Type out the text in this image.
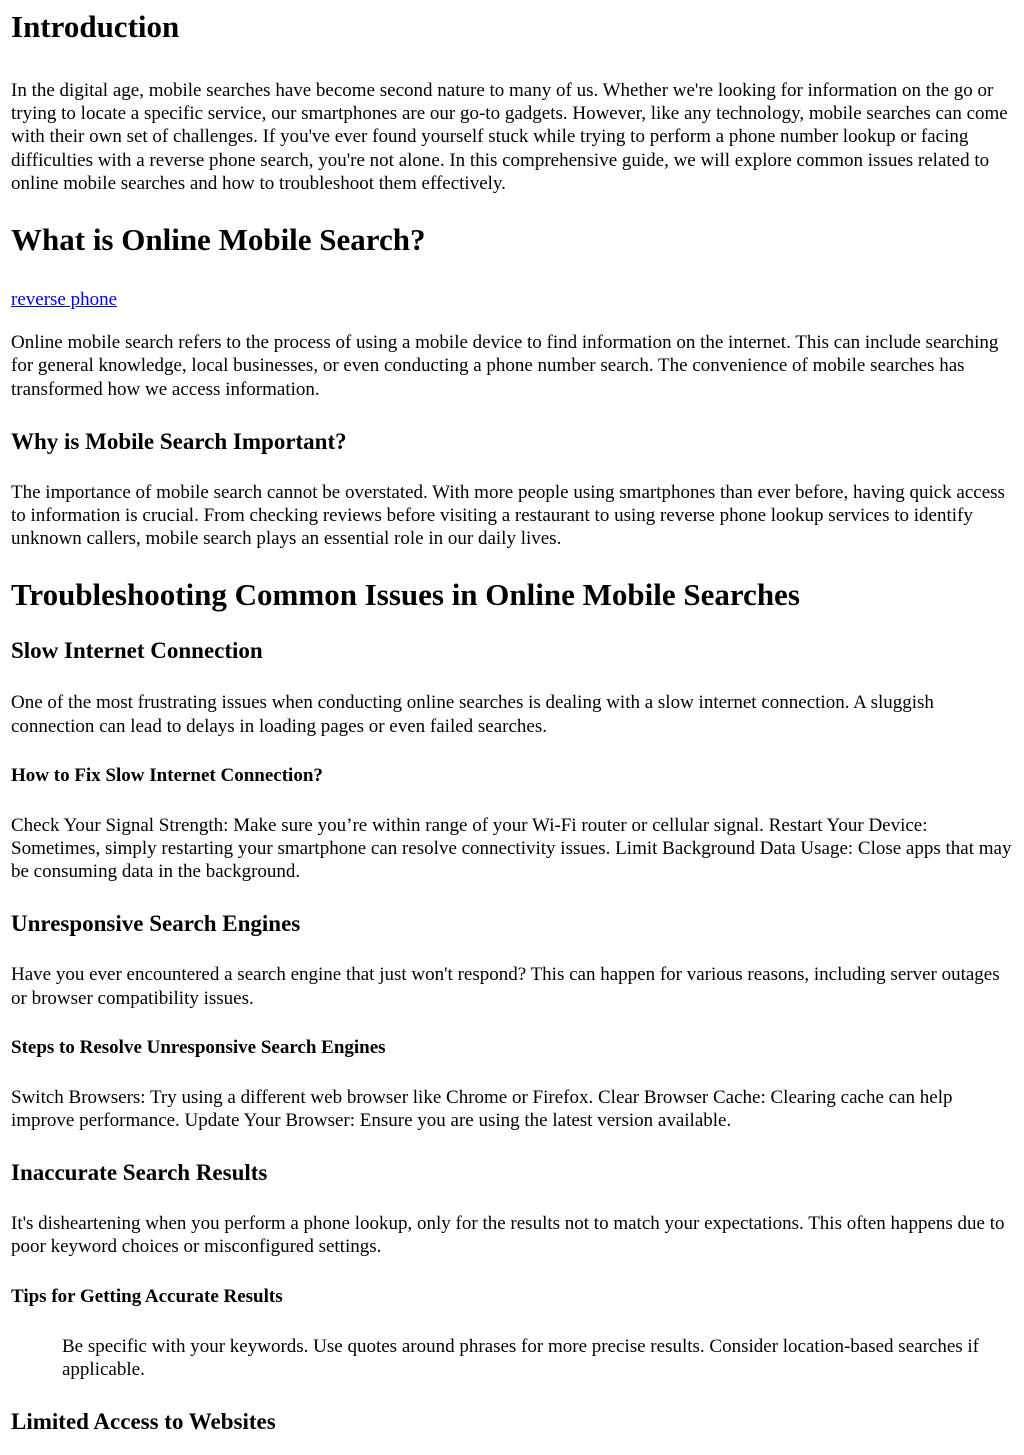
Introduction

In the digital age, mobile searches have become second nature to many of us. Whether we're looking for information on the go or trying to locate a specific service, our smartphones are our go-to gadgets. However, like any technology, mobile searches can come with their own set of challenges. If you've ever found yourself stuck while trying to perform a phone number lookup or facing difficulties with a reverse phone search, you're not alone. In this comprehensive guide, we will explore common issues related to online mobile searches and how to troubleshoot them effectively.

What is Online Mobile Search?
reverse phone

Online mobile search refers to the process of using a mobile device to find information on the internet. This can include searching for general knowledge, local businesses, or even conducting a phone number search. The convenience of mobile searches has transformed how we access information.

Why is Mobile Search Important?

The importance of mobile search cannot be overstated. With more people using smartphones than ever before, having quick access to information is crucial. From checking reviews before visiting a restaurant to using reverse phone lookup services to identify unknown callers, mobile search plays an essential role in our daily lives.

Troubleshooting Common Issues in Online Mobile Searches
Slow Internet Connection

One of the most frustrating issues when conducting online searches is dealing with a slow internet connection. A sluggish connection can lead to delays in loading pages or even failed searches.

How to Fix Slow Internet Connection?

Check Your Signal Strength: Make sure you’re within range of your Wi-Fi router or cellular signal. Restart Your Device: Sometimes, simply restarting your smartphone can resolve connectivity issues. Limit Background Data Usage: Close apps that may be consuming data in the background.

Unresponsive Search Engines

Have you ever encountered a search engine that just won't respond? This can happen for various reasons, including server outages or browser compatibility issues.

Steps to Resolve Unresponsive Search Engines

Switch Browsers: Try using a different web browser like Chrome or Firefox. Clear Browser Cache: Clearing cache can help improve performance. Update Your Browser: Ensure you are using the latest version available.

Inaccurate Search Results

It's disheartening when you perform a phone lookup, only for the results not to match your expectations. This often happens due to poor keyword choices or misconfigured settings.

Tips for Getting Accurate Results
Be specific with your keywords. Use quotes around phrases for more precise results. Consider location-based searches if applicable.
Limited Access to Websites
